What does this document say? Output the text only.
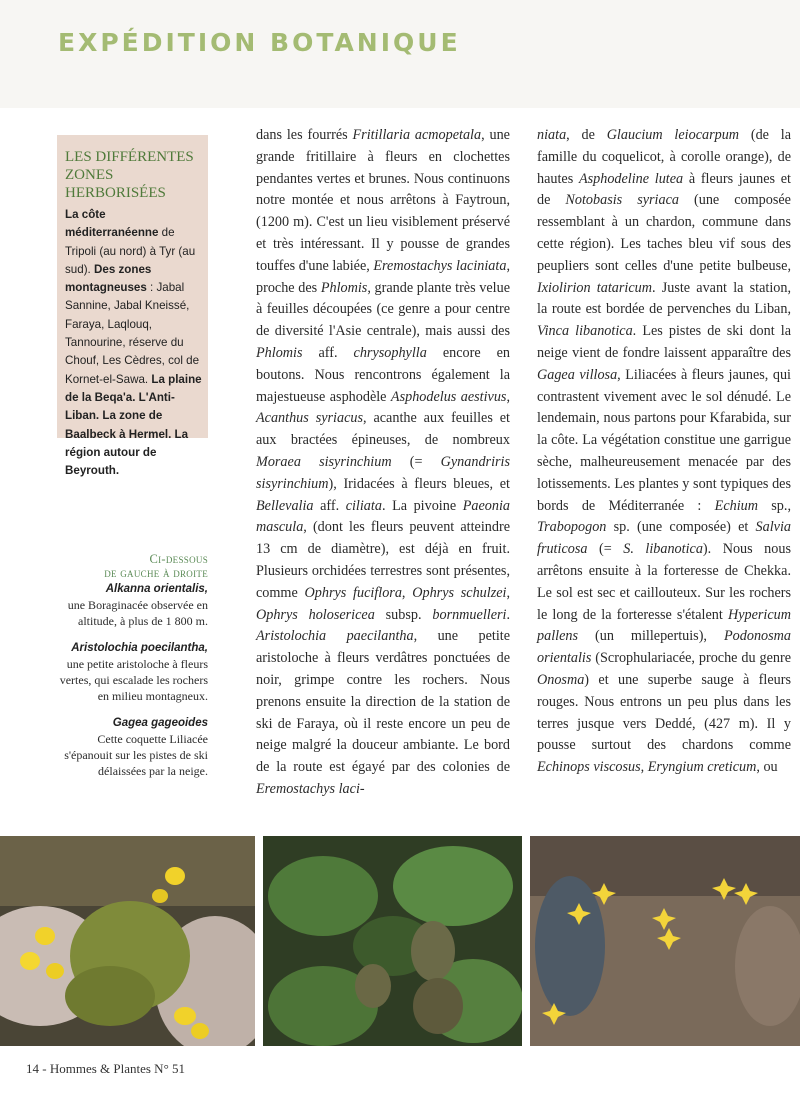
EXPÉDITION BOTANIQUE
LES DIFFÉRENTES ZONES HERBORISÉES
La côte méditerranéenne de Tripoli (au nord) à Tyr (au sud). Des zones montagneuses : Jabal Sannine, Jabal Kneissé, Faraya, Laqlouq, Tannourine, réserve du Chouf, Les Cèdres, col de Kornet-el-Sawa. La plaine de la Beqa'a. L'Anti-Liban. La zone de Baalbeck à Hermel. La région autour de Beyrouth.
Ci-dessous
de gauche à droite
Alkanna orientalis,
une Boraginacée observée en altitude, à plus de 1 800 m.
Aristolochia poecilantha,
une petite aristoloche à fleurs vertes, qui escalade les rochers en milieu montagneux.
Gagea gageoides
Cette coquette Liliacée s'épanouit sur les pistes de ski délaissées par la neige.
dans les fourrés Fritillaria acmopetala, une grande fritillaire à fleurs en clochettes pendantes vertes et brunes. Nous continuons notre montée et nous arrêtons à Faytroun, (1200 m). C'est un lieu visiblement préservé et très intéressant. Il y pousse de grandes touffes d'une labiée, Eremostachys laciniata, proche des Phlomis, grande plante très velue à feuilles découpées (ce genre a pour centre de diversité l'Asie centrale), mais aussi des Phlomis aff. chrysophylla encore en boutons. Nous rencontrons également la majestueuse asphodèle Asphodelus aestivus, Acanthus syriacus, acanthe aux feuilles et aux bractées épineuses, de nombreux Moraea sisyrinchium (= Gynandriris sisyrinchium), Iridacées à fleurs bleues, et Bellevalia aff. ciliata. La pivoine Paeonia mascula, (dont les fleurs peuvent atteindre 13 cm de diamètre), est déjà en fruit. Plusieurs orchidées terrestres sont présentes, comme Ophrys fuciflora, Ophrys schulzei, Ophrys holosericea subsp. bornmuelleri. Aristolochia paecilantha, une petite aristoloche à fleurs verdâtres ponctuées de noir, grimpe contre les rochers. Nous prenons ensuite la direction de la station de ski de Faraya, où il reste encore un peu de neige malgré la douceur ambiante. Le bord de la route est égayé par des colonies de Eremostachys laci-
niata, de Glaucium leiocarpum (de la famille du coquelicot, à corolle orange), de hautes Asphodeline lutea à fleurs jaunes et de Notobasis syriaca (une composée ressemblant à un chardon, commune dans cette région). Les taches bleu vif sous des peupliers sont celles d'une petite bulbeuse, Ixiolirion tataricum. Juste avant la station, la route est bordée de pervenches du Liban, Vinca libanotica. Les pistes de ski dont la neige vient de fondre laissent apparaître des Gagea villosa, Liliacées à fleurs jaunes, qui contrastent vivement avec le sol dénudé. Le lendemain, nous partons pour Kfarabida, sur la côte. La végétation constitue une garrigue sèche, malheureusement menacée par des lotissements. Les plantes y sont typiques des bords de Méditerranée : Echium sp., Trabopogon sp. (une composée) et Salvia fruticosa (= S. libanotica). Nous nous arrêtons ensuite à la forteresse de Chekka. Le sol est sec et caillouteux. Sur les rochers le long de la forteresse s'étalent Hypericum pallens (un millepertuis), Podonosma orientalis (Scrophulariacée, proche du genre Onosma) et une superbe sauge à fleurs rouges. Nous entrons un peu plus dans les terres jusque vers Deddé, (427 m). Il y pousse surtout des chardons comme Echinops viscosus, Eryngium creticum, ou
14 - Hommes & Plantes N° 51
